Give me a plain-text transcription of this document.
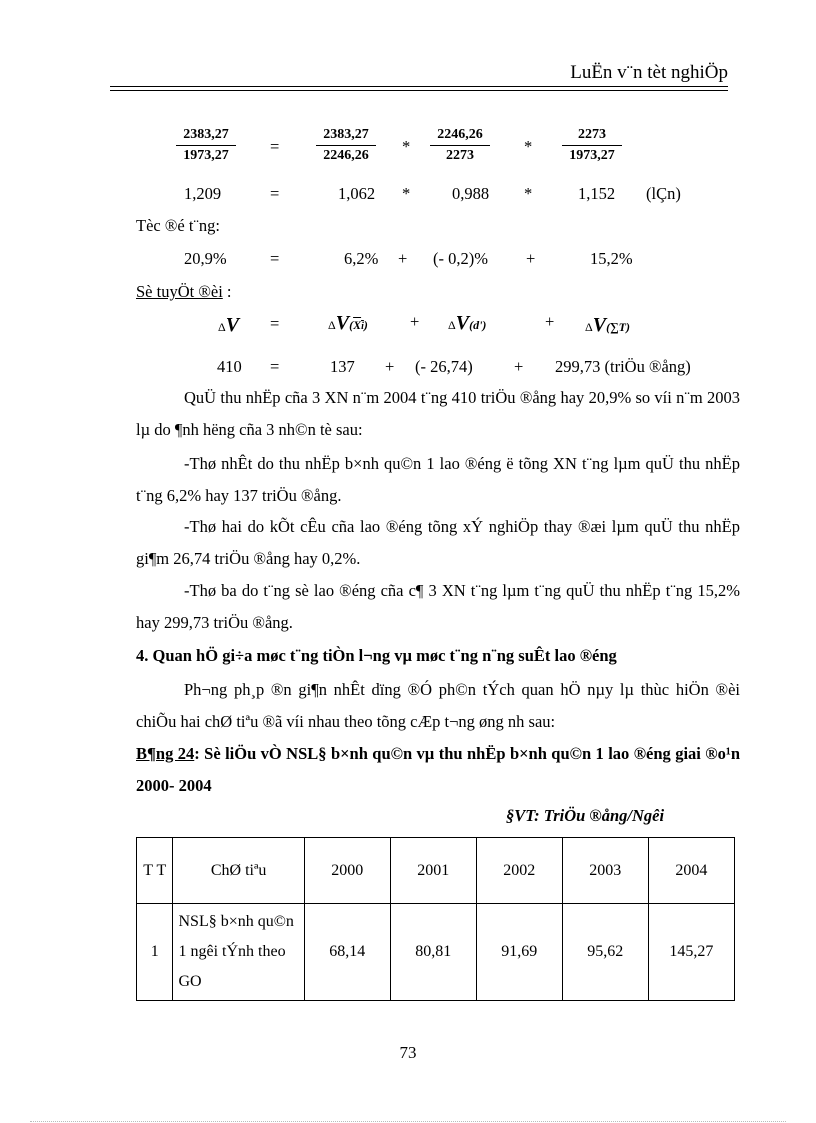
LuËn v¨n tèt nghiÖp
$\frac{2383,27}{1973,27}$ =	$\frac{2383,27}{2246,26} * \frac{2246,26}{2273} * \frac{2273}{1973,27}$
1,209	=	1,062 *	0,988 *	1,152 (lÇn)
Tèc ®é t¨ng:
20,9%	=	6,2% + (- 0,2)% +	15,2%
Sè tuyÖt ®èi :
ΔV =	ΔV(Xi)	+ ΔV(d')	+	ΔV(∑T)
410 =	137 + (- 26,74)	+ 299,73 (triÖu ®ång)
QuÜ thu nhËp cña 3 XN n¨m 2004 t¨ng 410 triÖu ®ång hay 20,9% so víi n¨m 2003 lµ do ¶nh hëng cña 3 nh©n tè sau:
-Thø nhÊt do thu nhËp b×nh qu©n 1 lao ®éng ë tõng XN t¨ng lµm quÜ thu nhËp t¨ng 6,2% hay 137 triÖu ®ång.
-Thø hai do kÕt cÊu cña lao ®éng tõng xÝ nghiÖp thay ®æi lµm quÜ thu nhËp gi¶m 26,74 triÖu ®ång hay 0,2%.
-Thø ba do t¨ng sè lao ®éng cña c¶ 3 XN t¨ng lµm t¨ng quÜ thu nhËp t¨ng 15,2% hay 299,73 triÖu ®ång.
4. Quan hÖ gi÷a møc t¨ng tiÒn l¬ng vµ møc t¨ng n¨ng suÊt lao ®éng
Ph¬ng ph¸p ®n gi¶n nhÊt dïng ®Ó ph©n tÝch quan hÖ nµy lµ thùc hiÖn ®èi chiÕu hai chØ tiªu ®ã víi nhau theo tõng cÆp t¬ng øng nh sau:
B¶ng 24: Sè liÖu vÒ NSL§ b×nh qu©n vµ thu nhËp b×nh qu©n 1 lao ®éng giai ®o¹n 2000- 2004
§VT: TriÖu ®ång/Ngêi
T T	ChØ tiªu	2000	2001	2002	2003	2004
1	NSL§ b×nh qu©n 1 ngêi tÝnh theo GO	68,14	80,81	91,69	95,62	145,27
73
